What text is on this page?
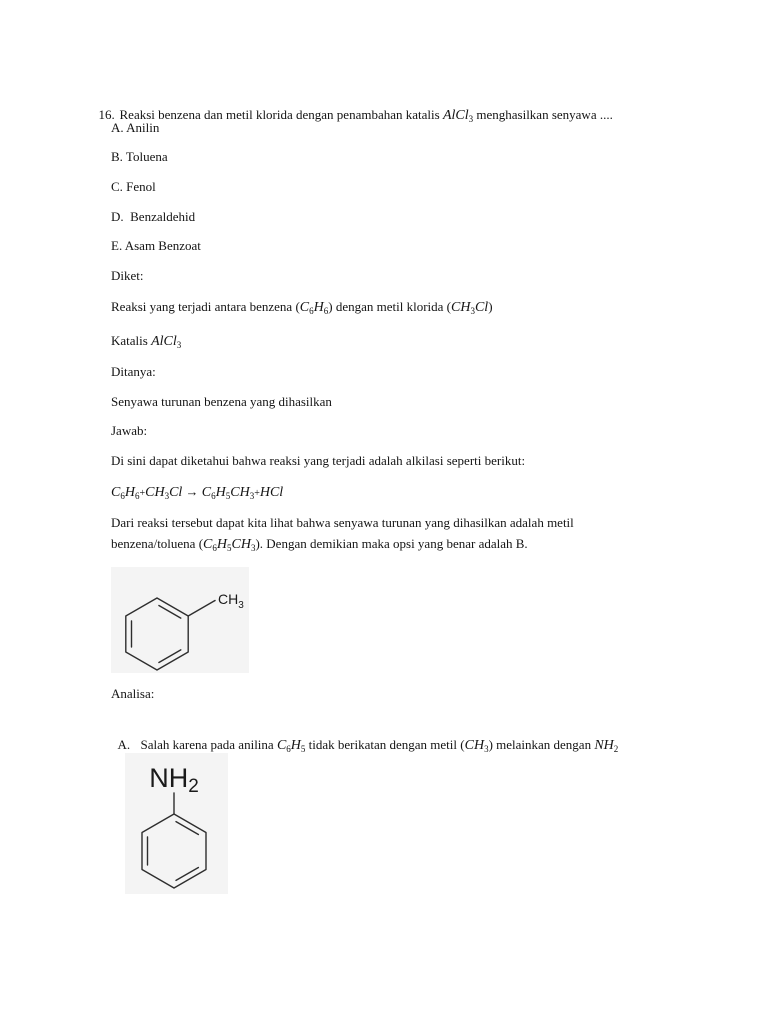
16. Reaksi benzena dan metil klorida dengan penambahan katalis AlCl$_3$ menghasilkan senyawa ....

A. Anilin
B. Toluena
C. Fenol
D.  Benzaldehid
E. Asam Benzoat
Diket:
Reaksi yang terjadi antara benzena $(C_6H_6)$ dengan metil klorida $(CH_3Cl)$
Katalis AlCl$_3$
Ditanya:
Senyawa turunan benzena yang dihasilkan
Jawab:
Di sini dapat diketahui bahwa reaksi yang terjadi adalah alkilasi seperti berikut:
$C_6H_6+CH_3Cl \to C_6H_5CH_3+HCl$
Dari reaksi tersebut dapat kita lihat bahwa senyawa turunan yang dihasilkan adalah metil
benzena/toluena $(C_6H_5CH_3)$. Dengan demikian maka opsi yang benar adalah B.
$CH_3$
Analisa:

A. Salah karena pada anilina $C_6H_5$ tidak berikatan dengan metil $(CH_3)$ melainkan dengan $NH_2$

NH2
